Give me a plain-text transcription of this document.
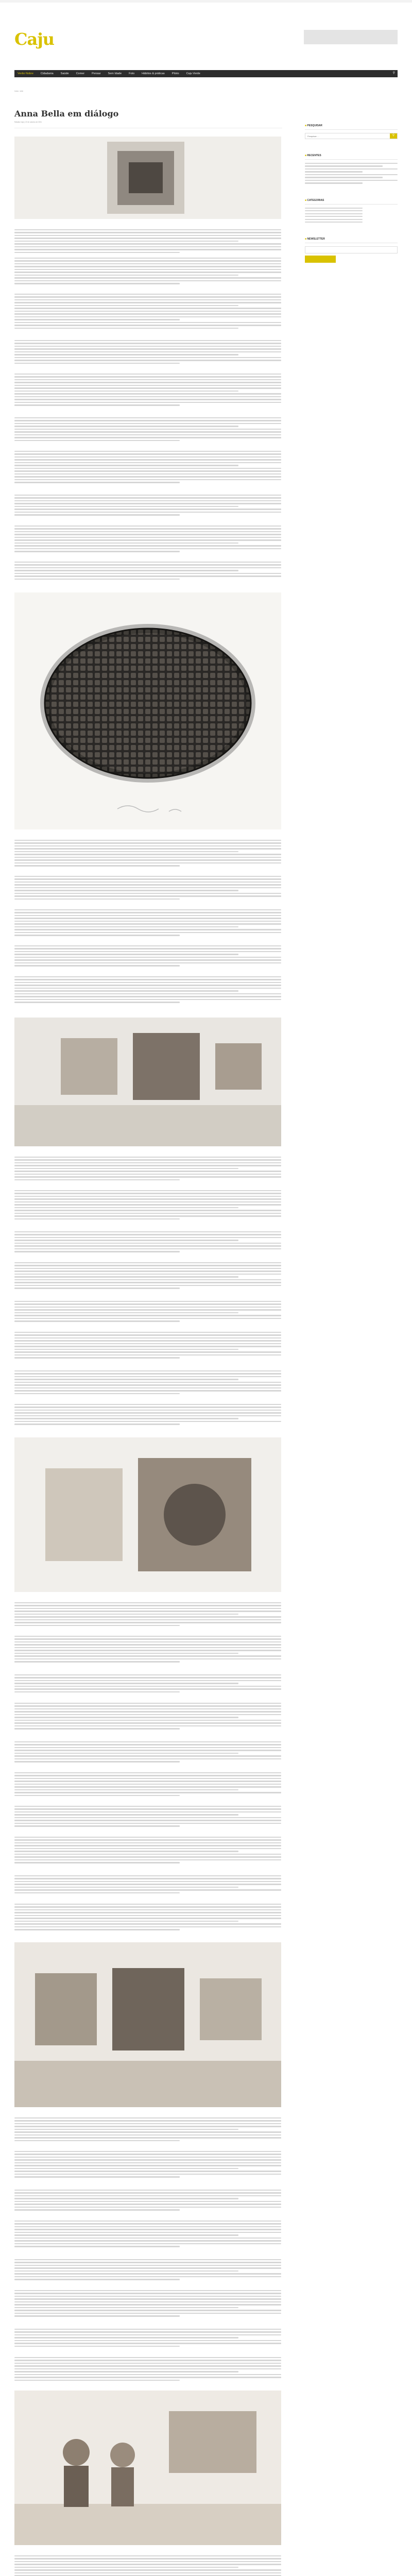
Caju
Verão Nobre	Cidadania	Saúde	Comer	Pensar	Sem Idade	Foto	Hábitos & práticas	Piloto	Caju Verde	⚲
Início › Arte
Anna Bella em diálogo
Rafaela Cajú | 22 de outubro de 2021
■ PESQUISAR
Pesquisar …
⚲
■ RECENTES
■ CATEGORIAS
■ NEWSLETTER
